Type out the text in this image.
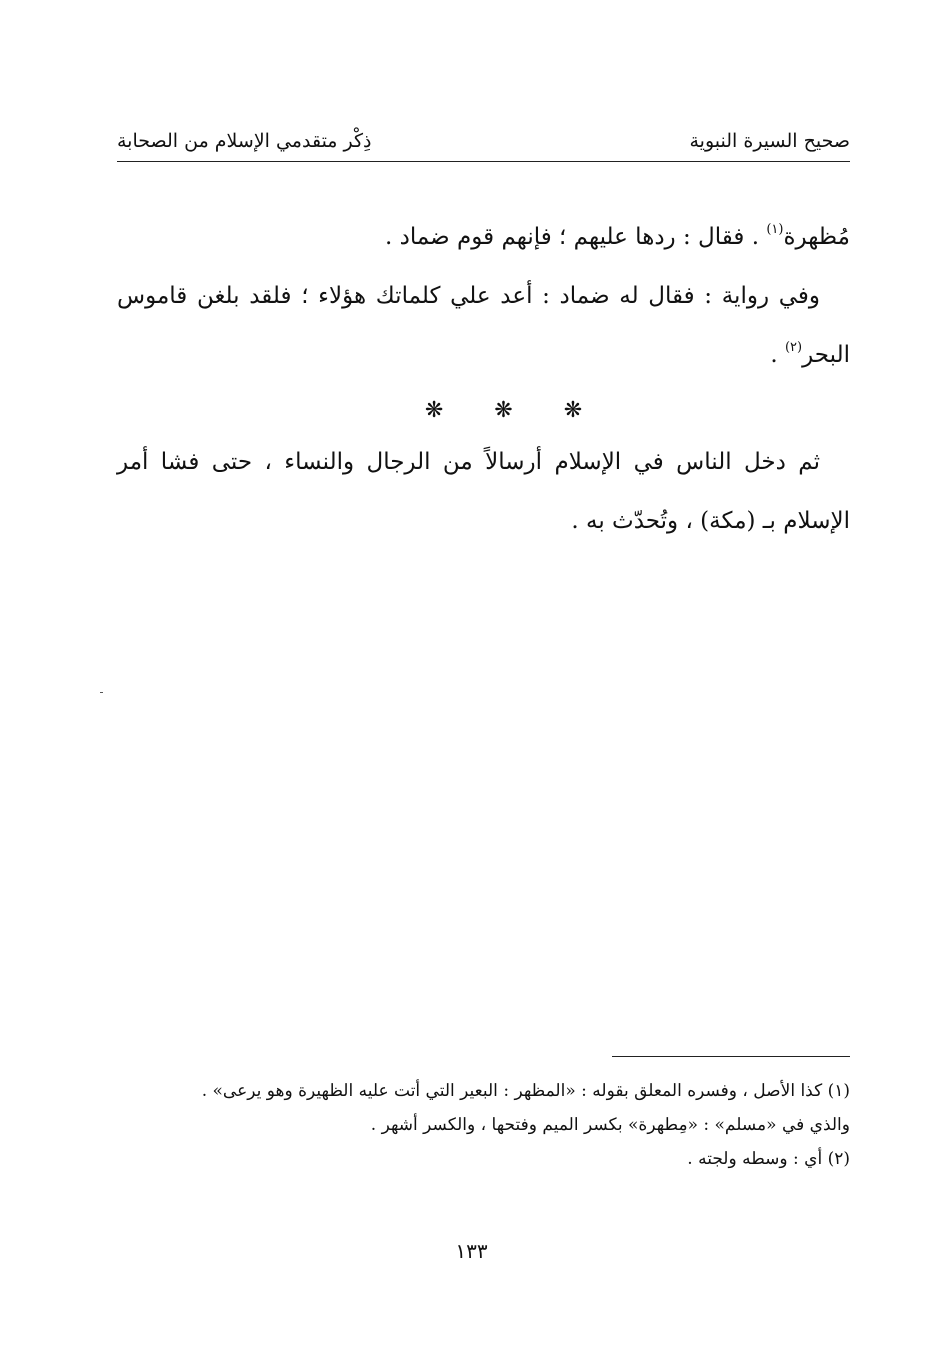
صحيح السيرة النبوية
ذِكْر متقدمي الإسلام من الصحابة

مُظهرة$^{(١)}$ . فقال : ردها عليهم ؛ فإنهم قوم ضماد .

وفي رواية : فقال له ضماد : أعد علي كلماتك هؤلاء ؛ فلقد بلغن قاموس البحر$^{(٢)}$ .

❋ ❋ ❋

ثم دخل الناس في الإسلام أرسالاً من الرجال والنساء ، حتى فشا أمر الإسلام بـ (مكة) ، وتُحدّث به .

(١) كذا الأصل ، وفسره المعلق بقوله : «المظهر : البعير التي أتت عليه الظهيرة وهو يرعى» .

والذي في «مسلم» : «مِطهرة» بكسر الميم وفتحها ، والكسر أشهر .

(٢) أي : وسطه ولجته .

١٣٣
